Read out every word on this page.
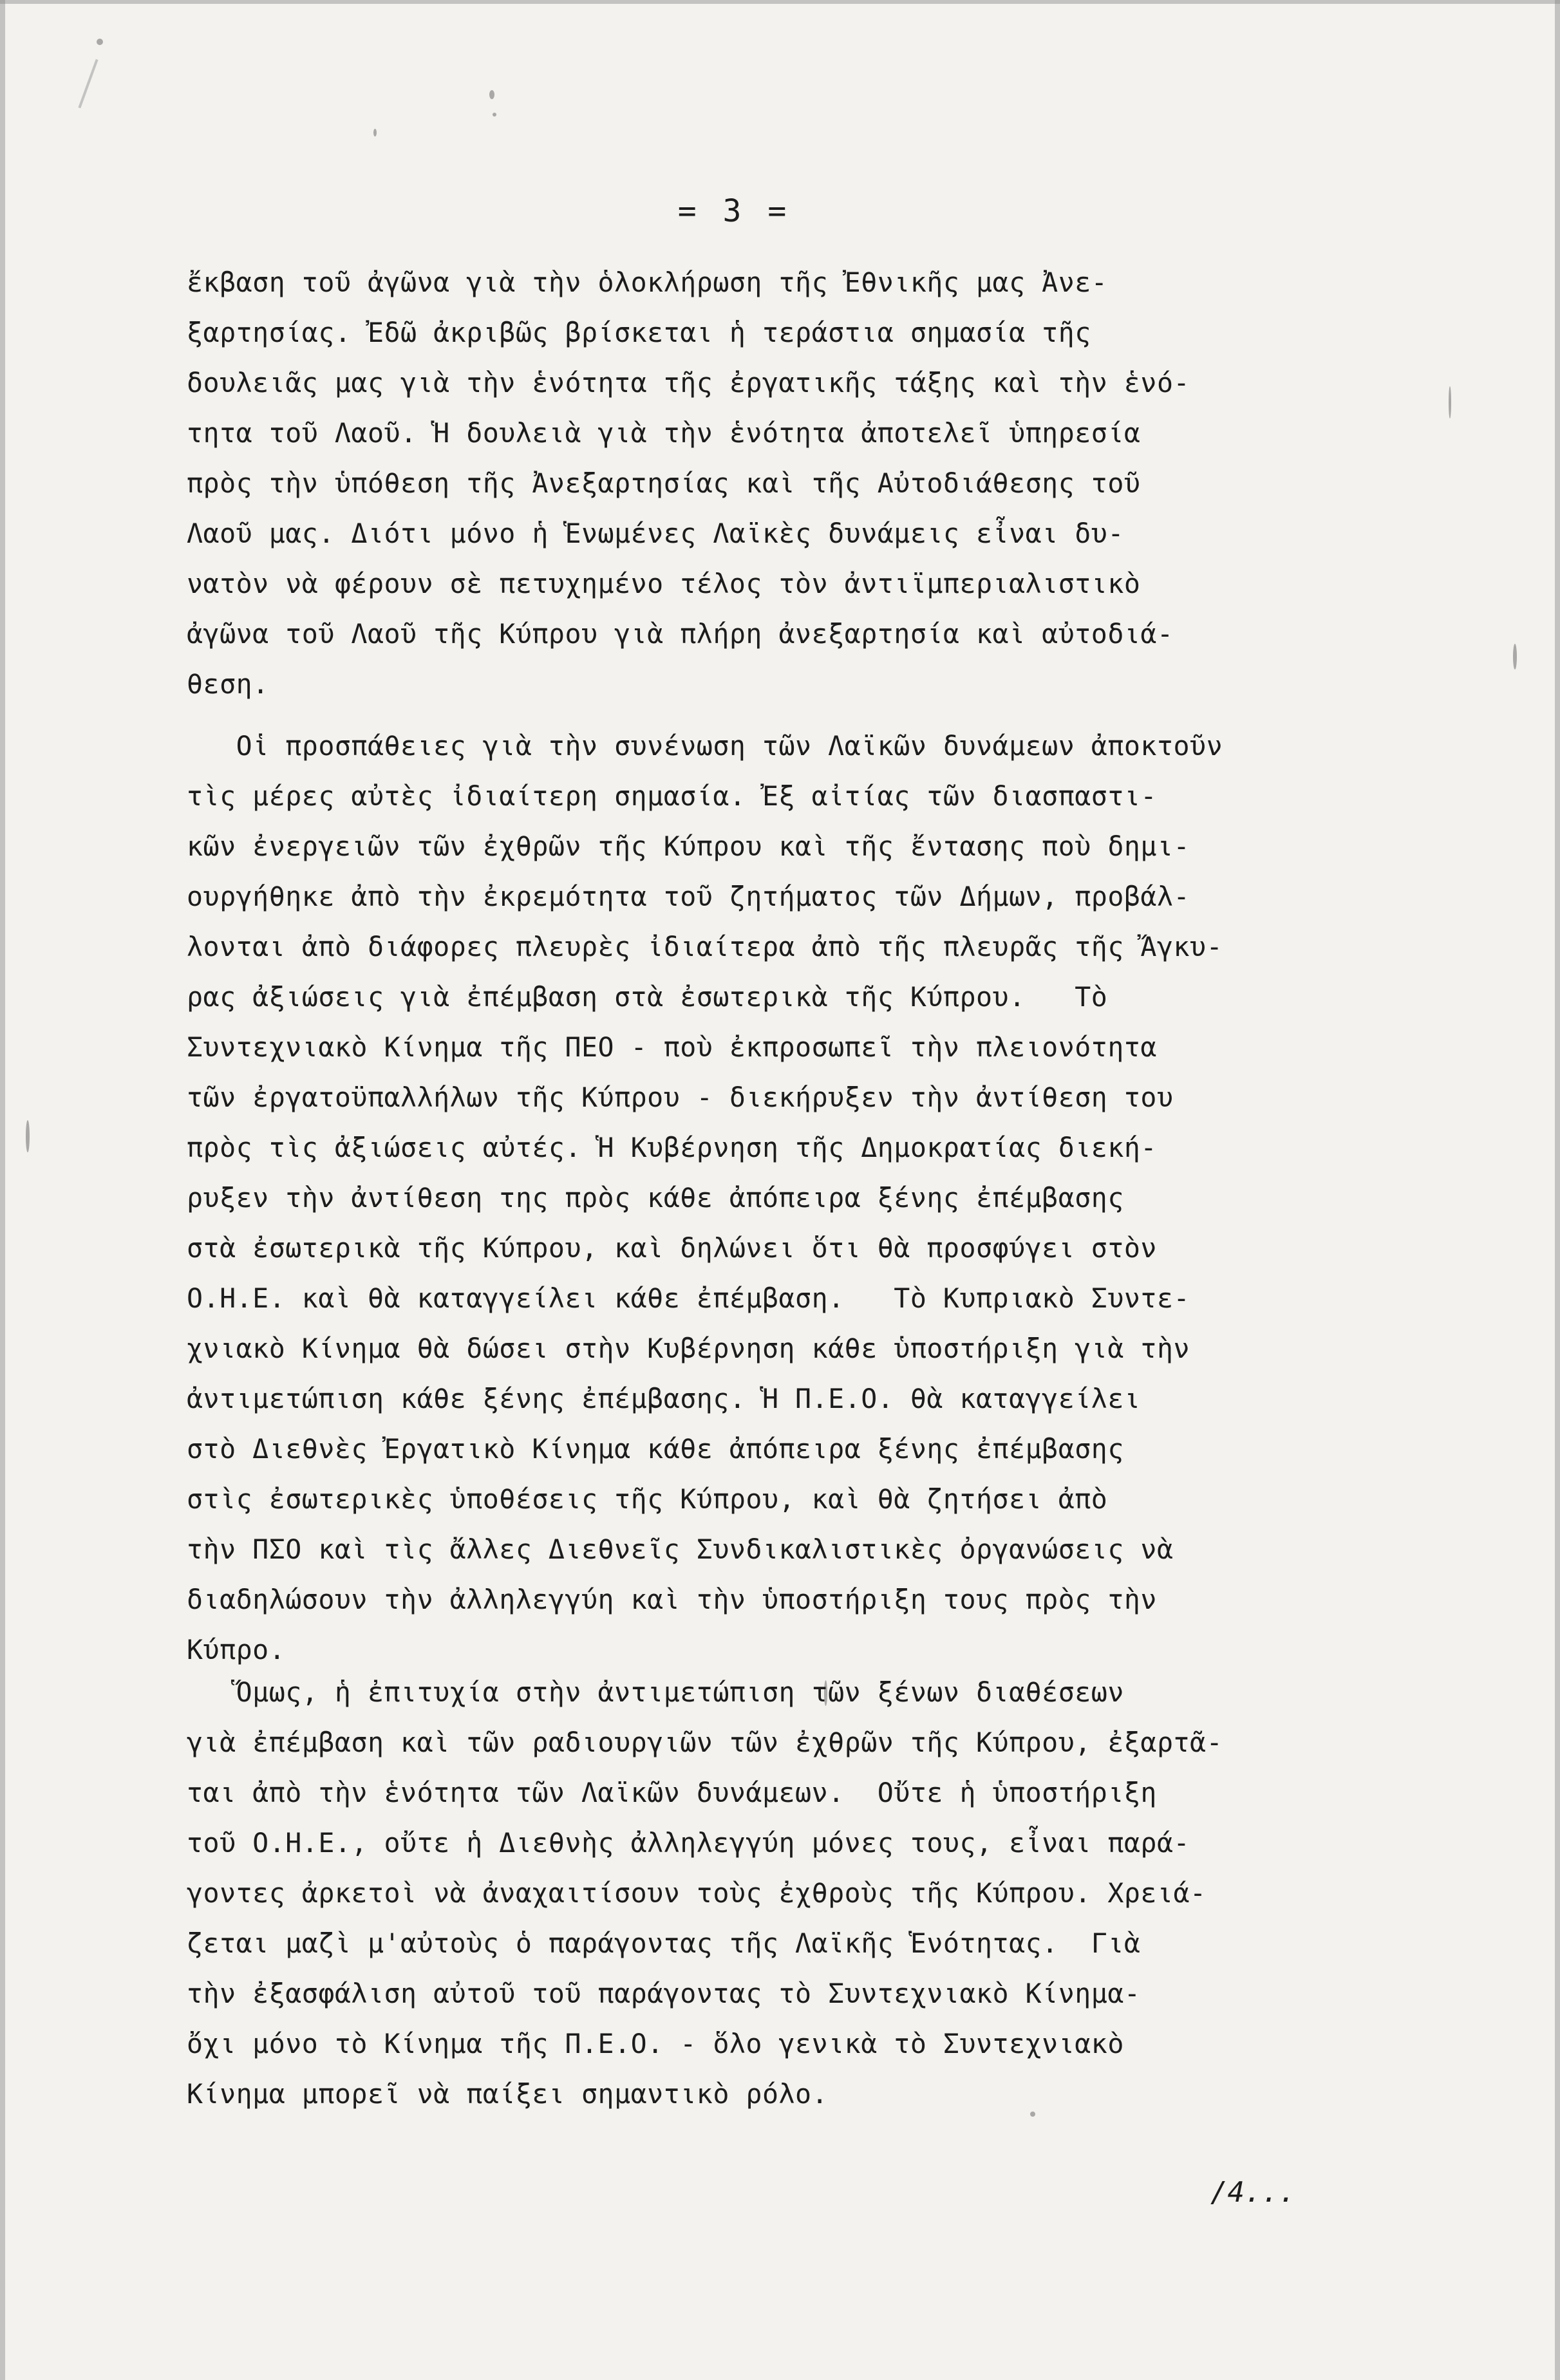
= 3 =
ἔκβαση τοῦ ἀγῶνα γιὰ τὴν ὁλοκλήρωση τῆς Ἐθνικῆς μας Ἀνε-
ξαρτησίας. Ἐδῶ ἀκριβῶς βρίσκεται ἡ τεράστια σημασία τῆς
δουλειᾶς μας γιὰ τὴν ἑνότητα τῆς ἐργατικῆς τάξης καὶ τὴν ἑνό-
τητα τοῦ Λαοῦ. Ἡ δουλειὰ γιὰ τὴν ἑνότητα ἀποτελεῖ ὑπηρεσία
πρὸς τὴν ὑπόθεση τῆς Ἀνεξαρτησίας καὶ τῆς Αὐτοδιάθεσης τοῦ
Λαοῦ μας. Διότι μόνο ἡ Ἑνωμένες Λαϊκὲς δυνάμεις εἶναι δυ-
νατὸν νὰ φέρουν σὲ πετυχημένο τέλος τὸν ἀντιϊμπεριαλιστικὸ
ἀγῶνα τοῦ Λαοῦ τῆς Κύπρου γιὰ πλήρη ἀνεξαρτησία καὶ αὐτοδιά-
θεση.
Οἱ προσπάθειες γιὰ τὴν συνένωση τῶν Λαϊκῶν δυνάμεων ἀποκτοῦν
τὶς μέρες αὐτὲς ἰδιαίτερη σημασία. Ἐξ αἰτίας τῶν διασπαστι-
κῶν ἐνεργειῶν τῶν ἐχθρῶν τῆς Κύπρου καὶ τῆς ἔντασης ποὺ δημι-
ουργήθηκε ἀπὸ τὴν ἐκρεμότητα τοῦ ζητήματος τῶν Δήμων, προβάλ-
λονται ἀπὸ διάφορες πλευρὲς ἰδιαίτερα ἀπὸ τῆς πλευρᾶς τῆς Ἄγκυ-
ρας ἀξιώσεις γιὰ ἐπέμβαση στὰ ἐσωτερικὰ τῆς Κύπρου.   Τὸ
Συντεχνιακὸ Κίνημα τῆς ΠΕΟ - ποὺ ἐκπροσωπεῖ τὴν πλειονότητα
τῶν ἐργατοϋπαλλήλων τῆς Κύπρου - διεκήρυξεν τὴν ἀντίθεση του
πρὸς τὶς ἀξιώσεις αὐτές. Ἡ Κυβέρνηση τῆς Δημοκρατίας διεκή-
ρυξεν τὴν ἀντίθεση της πρὸς κάθε ἀπόπειρα ξένης ἐπέμβασης
στὰ ἐσωτερικὰ τῆς Κύπρου, καὶ δηλώνει ὅτι θὰ προσφύγει στὸν
Ο.Η.Ε. καὶ θὰ καταγγείλει κάθε ἐπέμβαση.   Τὸ Κυπριακὸ Συντε-
χνιακὸ Κίνημα θὰ δώσει στὴν Κυβέρνηση κάθε ὑποστήριξη γιὰ τὴν
ἀντιμετώπιση κάθε ξένης ἐπέμβασης. Ἡ Π.Ε.Ο. θὰ καταγγείλει
στὸ Διεθνὲς Ἐργατικὸ Κίνημα κάθε ἀπόπειρα ξένης ἐπέμβασης
στὶς ἐσωτερικὲς ὑποθέσεις τῆς Κύπρου, καὶ θὰ ζητήσει ἀπὸ
τὴν ΠΣΟ καὶ τὶς ἄλλες Διεθνεῖς Συνδικαλιστικὲς ὀργανώσεις νὰ
διαδηλώσουν τὴν ἀλληλεγγύη καὶ τὴν ὑποστήριξη τους πρὸς τὴν
Κύπρο.
Ὅμως, ἡ ἐπιτυχία στὴν ἀντιμετώπιση τῶν ξένων διαθέσεων
γιὰ ἐπέμβαση καὶ τῶν ραδιουργιῶν τῶν ἐχθρῶν τῆς Κύπρου, ἐξαρτᾶ-
ται ἀπὸ τὴν ἑνότητα τῶν Λαϊκῶν δυνάμεων.  Οὔτε ἡ ὑποστήριξη
τοῦ Ο.Η.Ε., οὔτε ἡ Διεθνὴς ἀλληλεγγύη μόνες τους, εἶναι παρά-
γοντες ἀρκετοὶ νὰ ἀναχαιτίσουν τοὺς ἐχθροὺς τῆς Κύπρου. Χρειά-
ζεται μαζὶ μ'αὐτοὺς ὁ παράγοντας τῆς Λαϊκῆς Ἑνότητας.  Γιὰ
τὴν ἐξασφάλιση αὐτοῦ τοῦ παράγοντας τὸ Συντεχνιακὸ Κίνημα-
ὄχι μόνο τὸ Κίνημα τῆς Π.Ε.Ο. - ὅλο γενικὰ τὸ Συντεχνιακὸ
Κίνημα μπορεῖ νὰ παίξει σημαντικὸ ρόλο.
/4...
